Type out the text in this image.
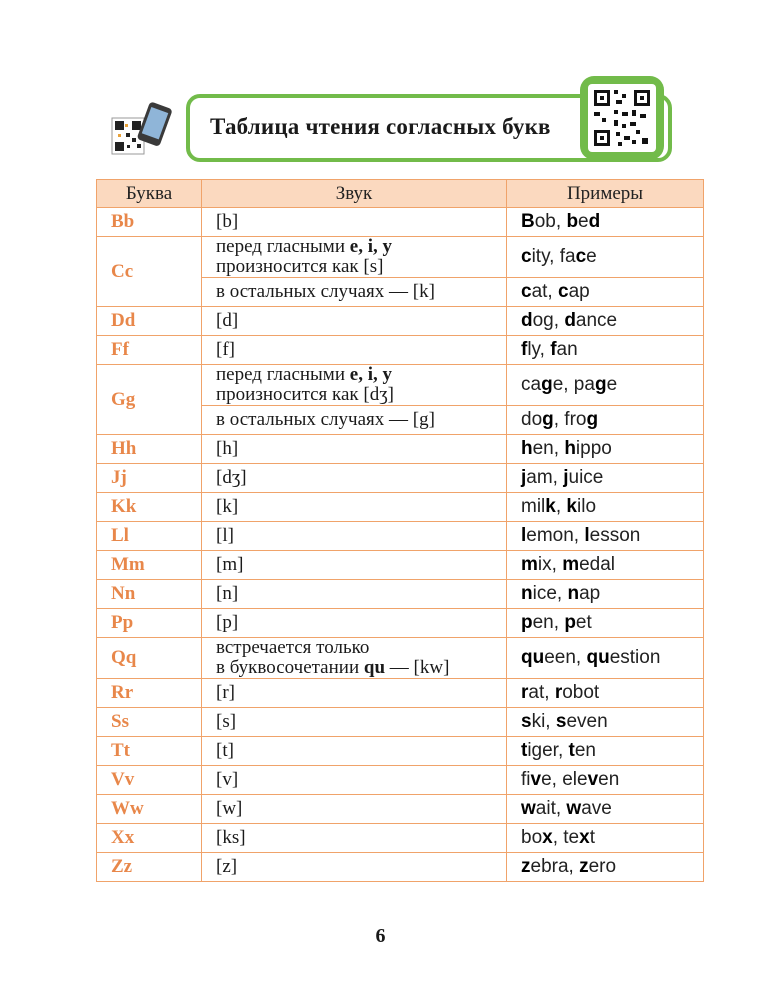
Таблица чтения согласных букв
Буква	Звук	Примеры
Bb	[b]	Bob, bed
Cc	перед гласными e, i, y
произносится как [s]	city, face
	в остальных случаях — [k]	cat, cap
Dd	[d]	dog, dance
Ff	[f]	fly, fan
Gg	перед гласными e, i, y
произносится как [dʒ]	cage, page
	в остальных случаях — [g]	dog, frog
Hh	[h]	hen, hippo
Jj	[dʒ]	jam, juice
Kk	[k]	milk, kilo
Ll	[l]	lemon, lesson
Mm	[m]	mix, medal
Nn	[n]	nice, nap
Pp	[p]	pen, pet
Qq	встречается только
в буквосочетании qu — [kw]	queen, question
Rr	[r]	rat, robot
Ss	[s]	ski, seven
Tt	[t]	tiger, ten
Vv	[v]	five, eleven
Ww	[w]	wait, wave
Xx	[ks]	box, text
Zz	[z]	zebra, zero
6
